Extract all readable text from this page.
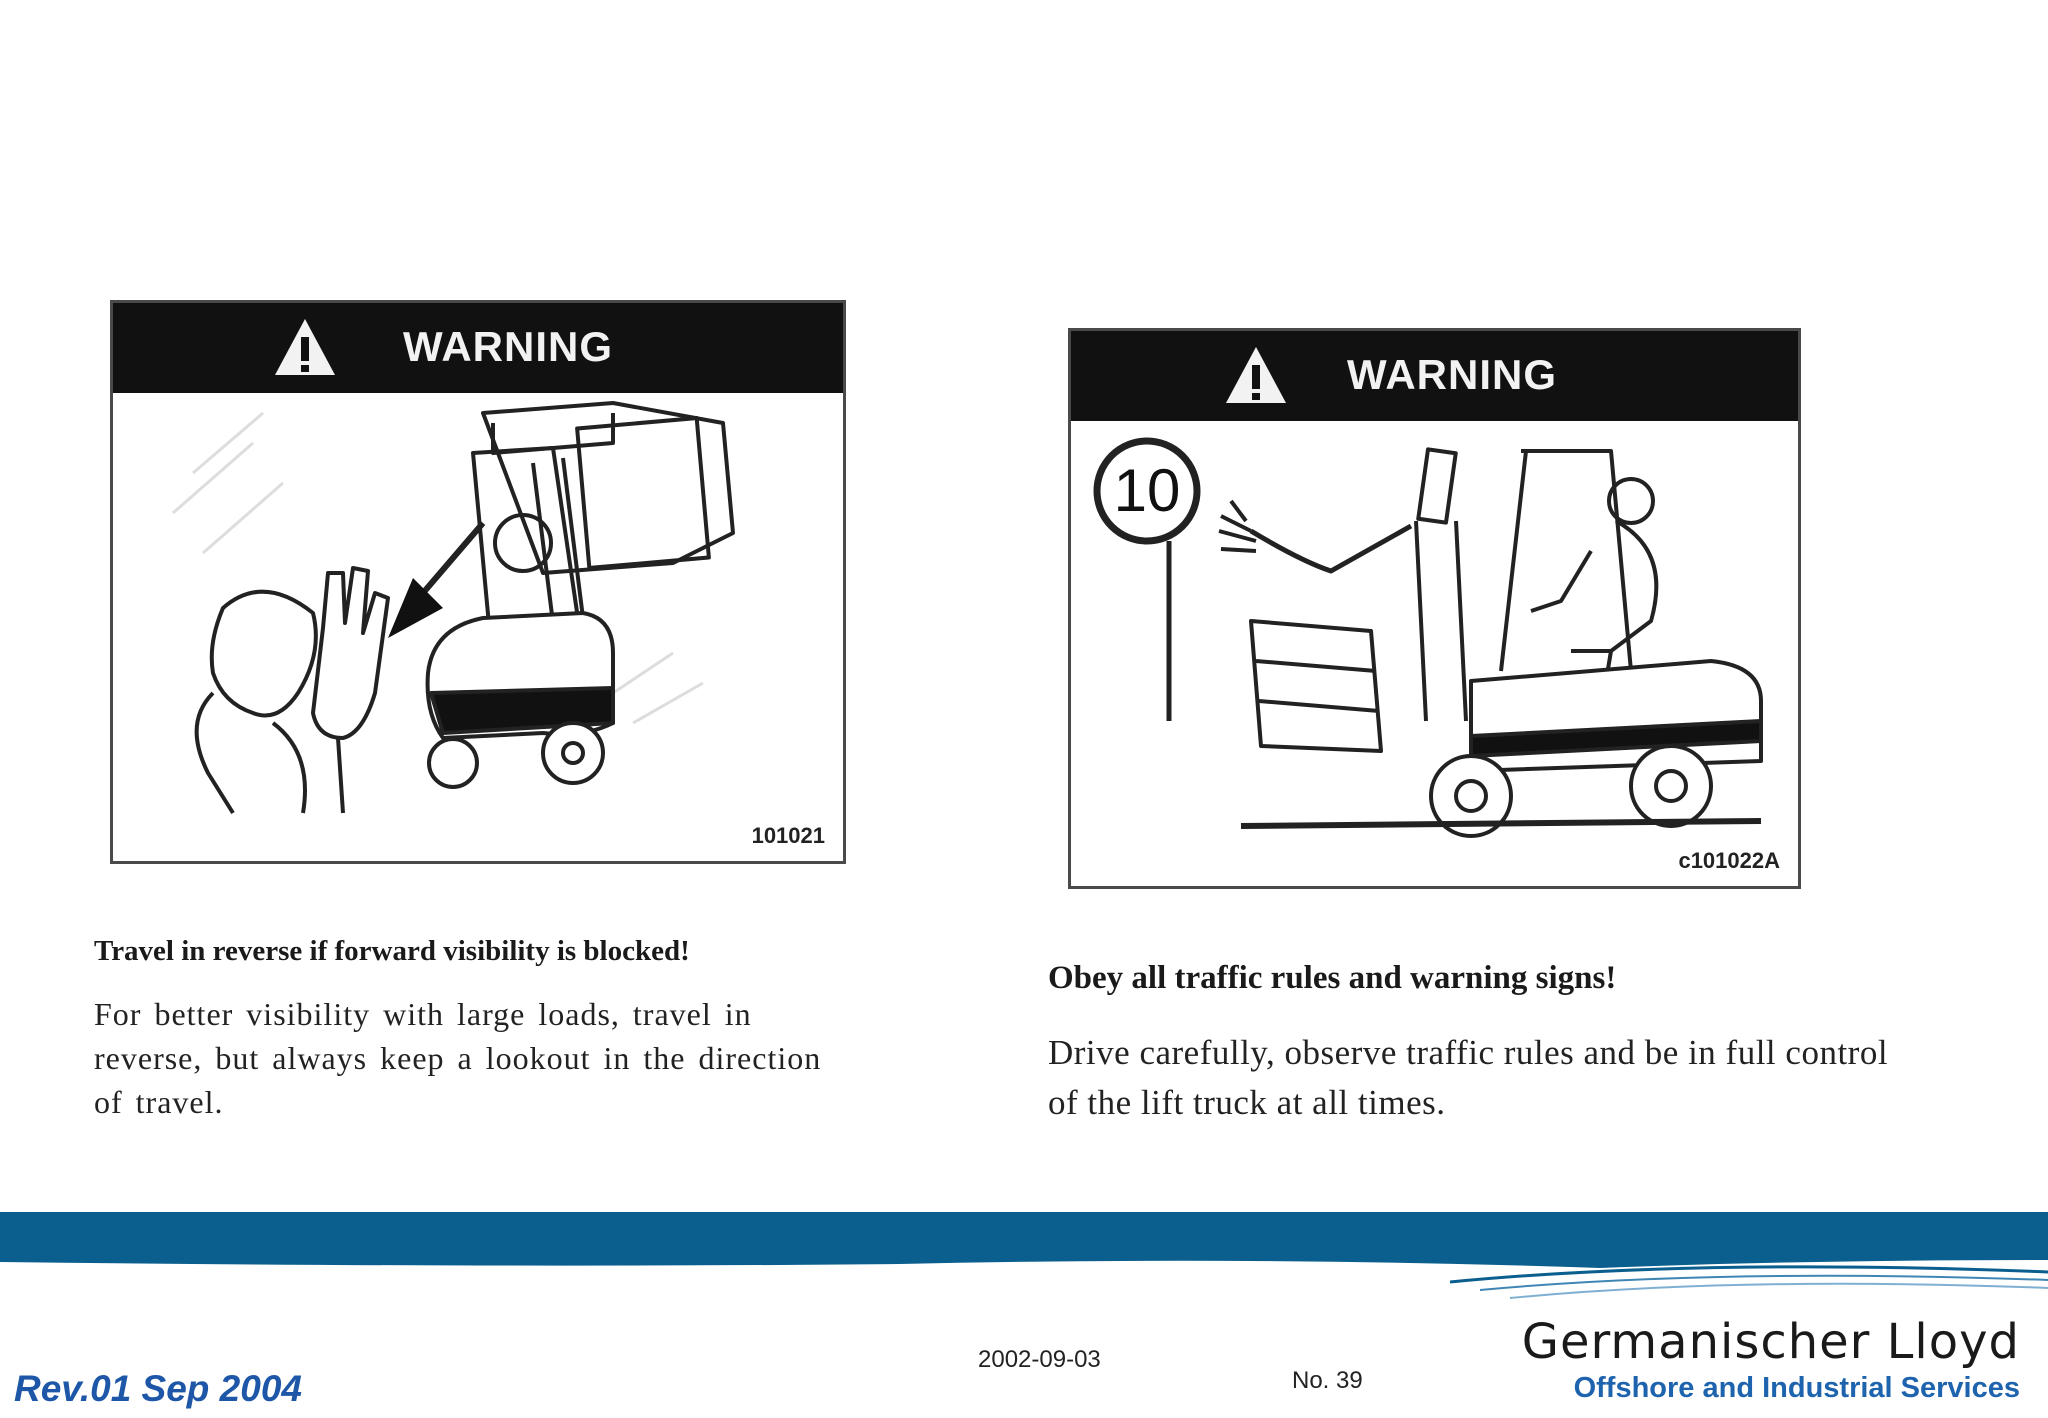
WARNING
101021
Travel in reverse if forward visibility is blocked!

For better visibility with large loads, travel in reverse, but always keep a lookout in the direction of travel.

WARNING
10
c101022A
Obey all traffic rules and warning signs!

Drive carefully, observe traffic rules and be in full control of the lift truck at all times.

Rev.01 Sep 2004
2002-09-03
No. 39
Germanischer Lloyd
Offshore and Industrial Services
